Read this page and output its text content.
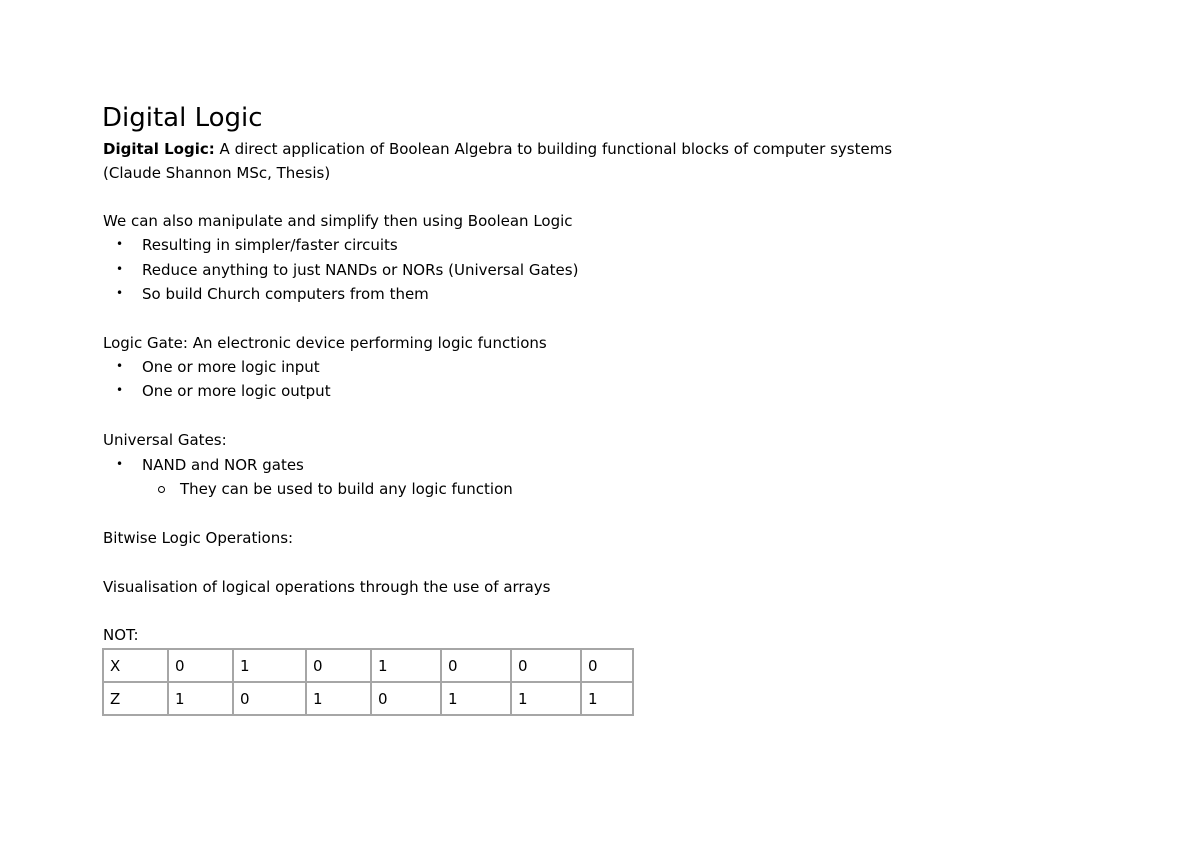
Digital Logic
Digital Logic: A direct application of Boolean Algebra to building functional blocks of computer systems
(Claude Shannon MSc, Thesis)
We can also manipulate and simplify then using Boolean Logic
• Resulting in simpler/faster circuits
• Reduce anything to just NANDs or NORs (Universal Gates)
• So build Church computers from them
Logic Gate: An electronic device performing logic functions
• One or more logic input
• One or more logic output
Universal Gates:
• NAND and NOR gates
They can be used to build any logic function
Bitwise Logic Operations:
Visualisation of logical operations through the use of arrays
NOT:
X	0	1	0	1	0	0	0
Z	1	0	1	0	1	1	1
